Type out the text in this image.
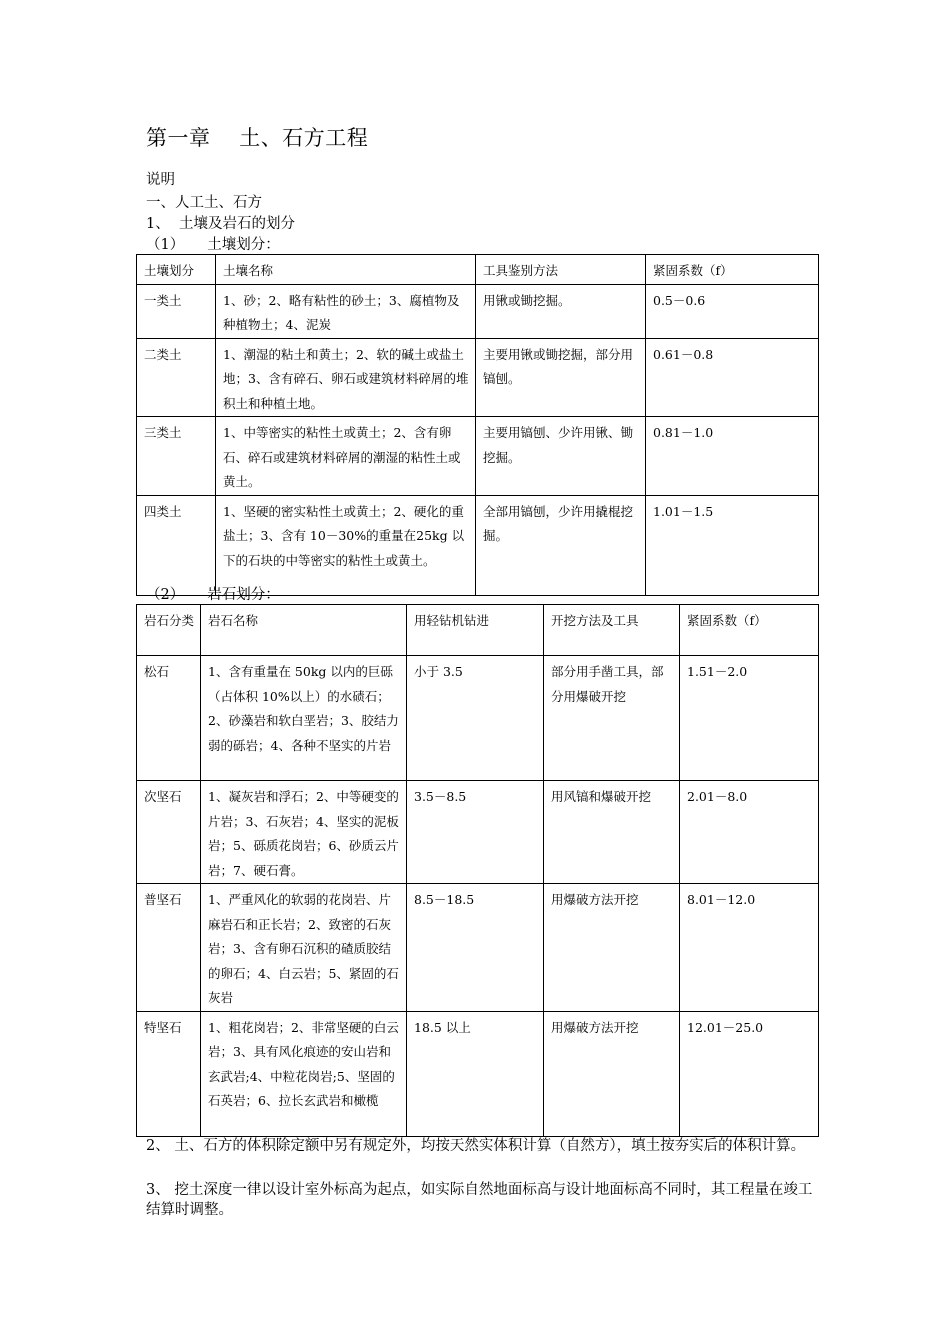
第一章    土、石方工程
说明
一、人工土、石方
1、  土壤及岩石的划分
（1）     土壤划分：
土壤划分	土壤名称	工具鉴别方法	紧固系数（f）
一类土	1、砂；2、略有粘性的砂土；3、腐植物及种植物土；4、泥炭	用锹或锄挖掘。	0.5－0.6
二类土	1、潮湿的粘土和黄土；2、软的碱土或盐土地；3、含有碎石、卵石或建筑材料碎屑的堆积土和种植土地。	主要用锹或锄挖掘，部分用镐刨。	0.61－0.8
三类土	1、中等密实的粘性土或黄土；2、含有卵石、碎石或建筑材料碎屑的潮湿的粘性土或黄土。	主要用镐刨、少许用锹、锄挖掘。	0.81－1.0
四类土	1、坚硬的密实粘性土或黄土；2、硬化的重盐土；3、含有 10－30%的重量在25kg 以下的石块的中等密实的粘性土或黄土。	全部用镐刨，少许用撬棍挖掘。	1.01－1.5
（2）     岩石划分：
岩石分类	岩石名称	用轻钻机钻进	开挖方法及工具	紧固系数（f）
松石	1、含有重量在 50kg 以内的巨砾（占体积 10%以上）的水碛石；2、砂藻岩和软白垩岩；3、胶结力弱的砾岩；4、各种不坚实的片岩	小于 3.5	部分用手凿工具，部分用爆破开挖	1.51－2.0
次坚石	1、凝灰岩和浮石；2、中等硬变的片岩；3、石灰岩；4、坚实的泥板岩；5、砾质花岗岩；6、砂质云片岩；7、硬石膏。	3.5－8.5	用风镐和爆破开挖	2.01－8.0
普坚石	1、严重风化的软弱的花岗岩、片麻岩石和正长岩；2、致密的石灰岩；3、含有卵石沉积的碴质胶结的卵石；4、白云岩；5、紧固的石灰岩	8.5－18.5	用爆破方法开挖	8.01－12.0
特坚石	1、粗花岗岩；2、非常坚硬的白云岩；3、具有风化痕迹的安山岩和玄武岩;4、中粒花岗岩;5、坚固的石英岩；6、拉长玄武岩和橄榄	18.5 以上	用爆破方法开挖	12.01－25.0
2、 土、石方的体积除定额中另有规定外，均按天然实体积计算（自然方），填土按夯实后的体积计算。
3、 挖土深度一律以设计室外标高为起点，如实际自然地面标高与设计地面标高不同时，其工程量在竣工结算时调整。
